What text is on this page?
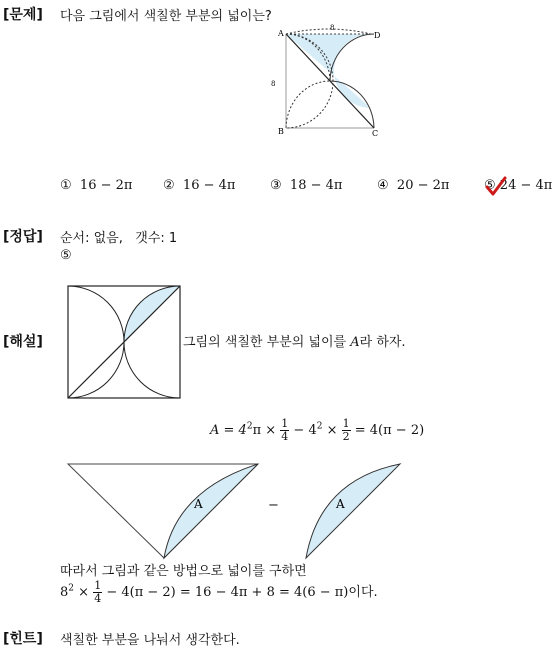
[문제] 다음 그림에서 색칠한 부분의 넓이는?
A
B	C
D
8
8
① 16 − 2π ② 16 − 4π	③ 18 − 4π	④ 20 − 2π	⑤ 24 − 4π
[정답] 순서: 없음,   갯수: 1
⑤
[해설]	그림의 색칠한 부분의 넓이를 A라 하자.
$A = 4^2\pi \times \frac{1}{4} - 4^2 \times \frac{1}{2} = 4(\pi - 2)$
A	−	A
따라서 그림과 같은 방법으로 넓이를 구하면
$8^2 \times \frac{1}{4} - 4(\pi - 2) = 16 - 4\pi + 8 = 4(6 - \pi)$이다.
[힌트] 색칠한 부분을 나눠서 생각한다.
